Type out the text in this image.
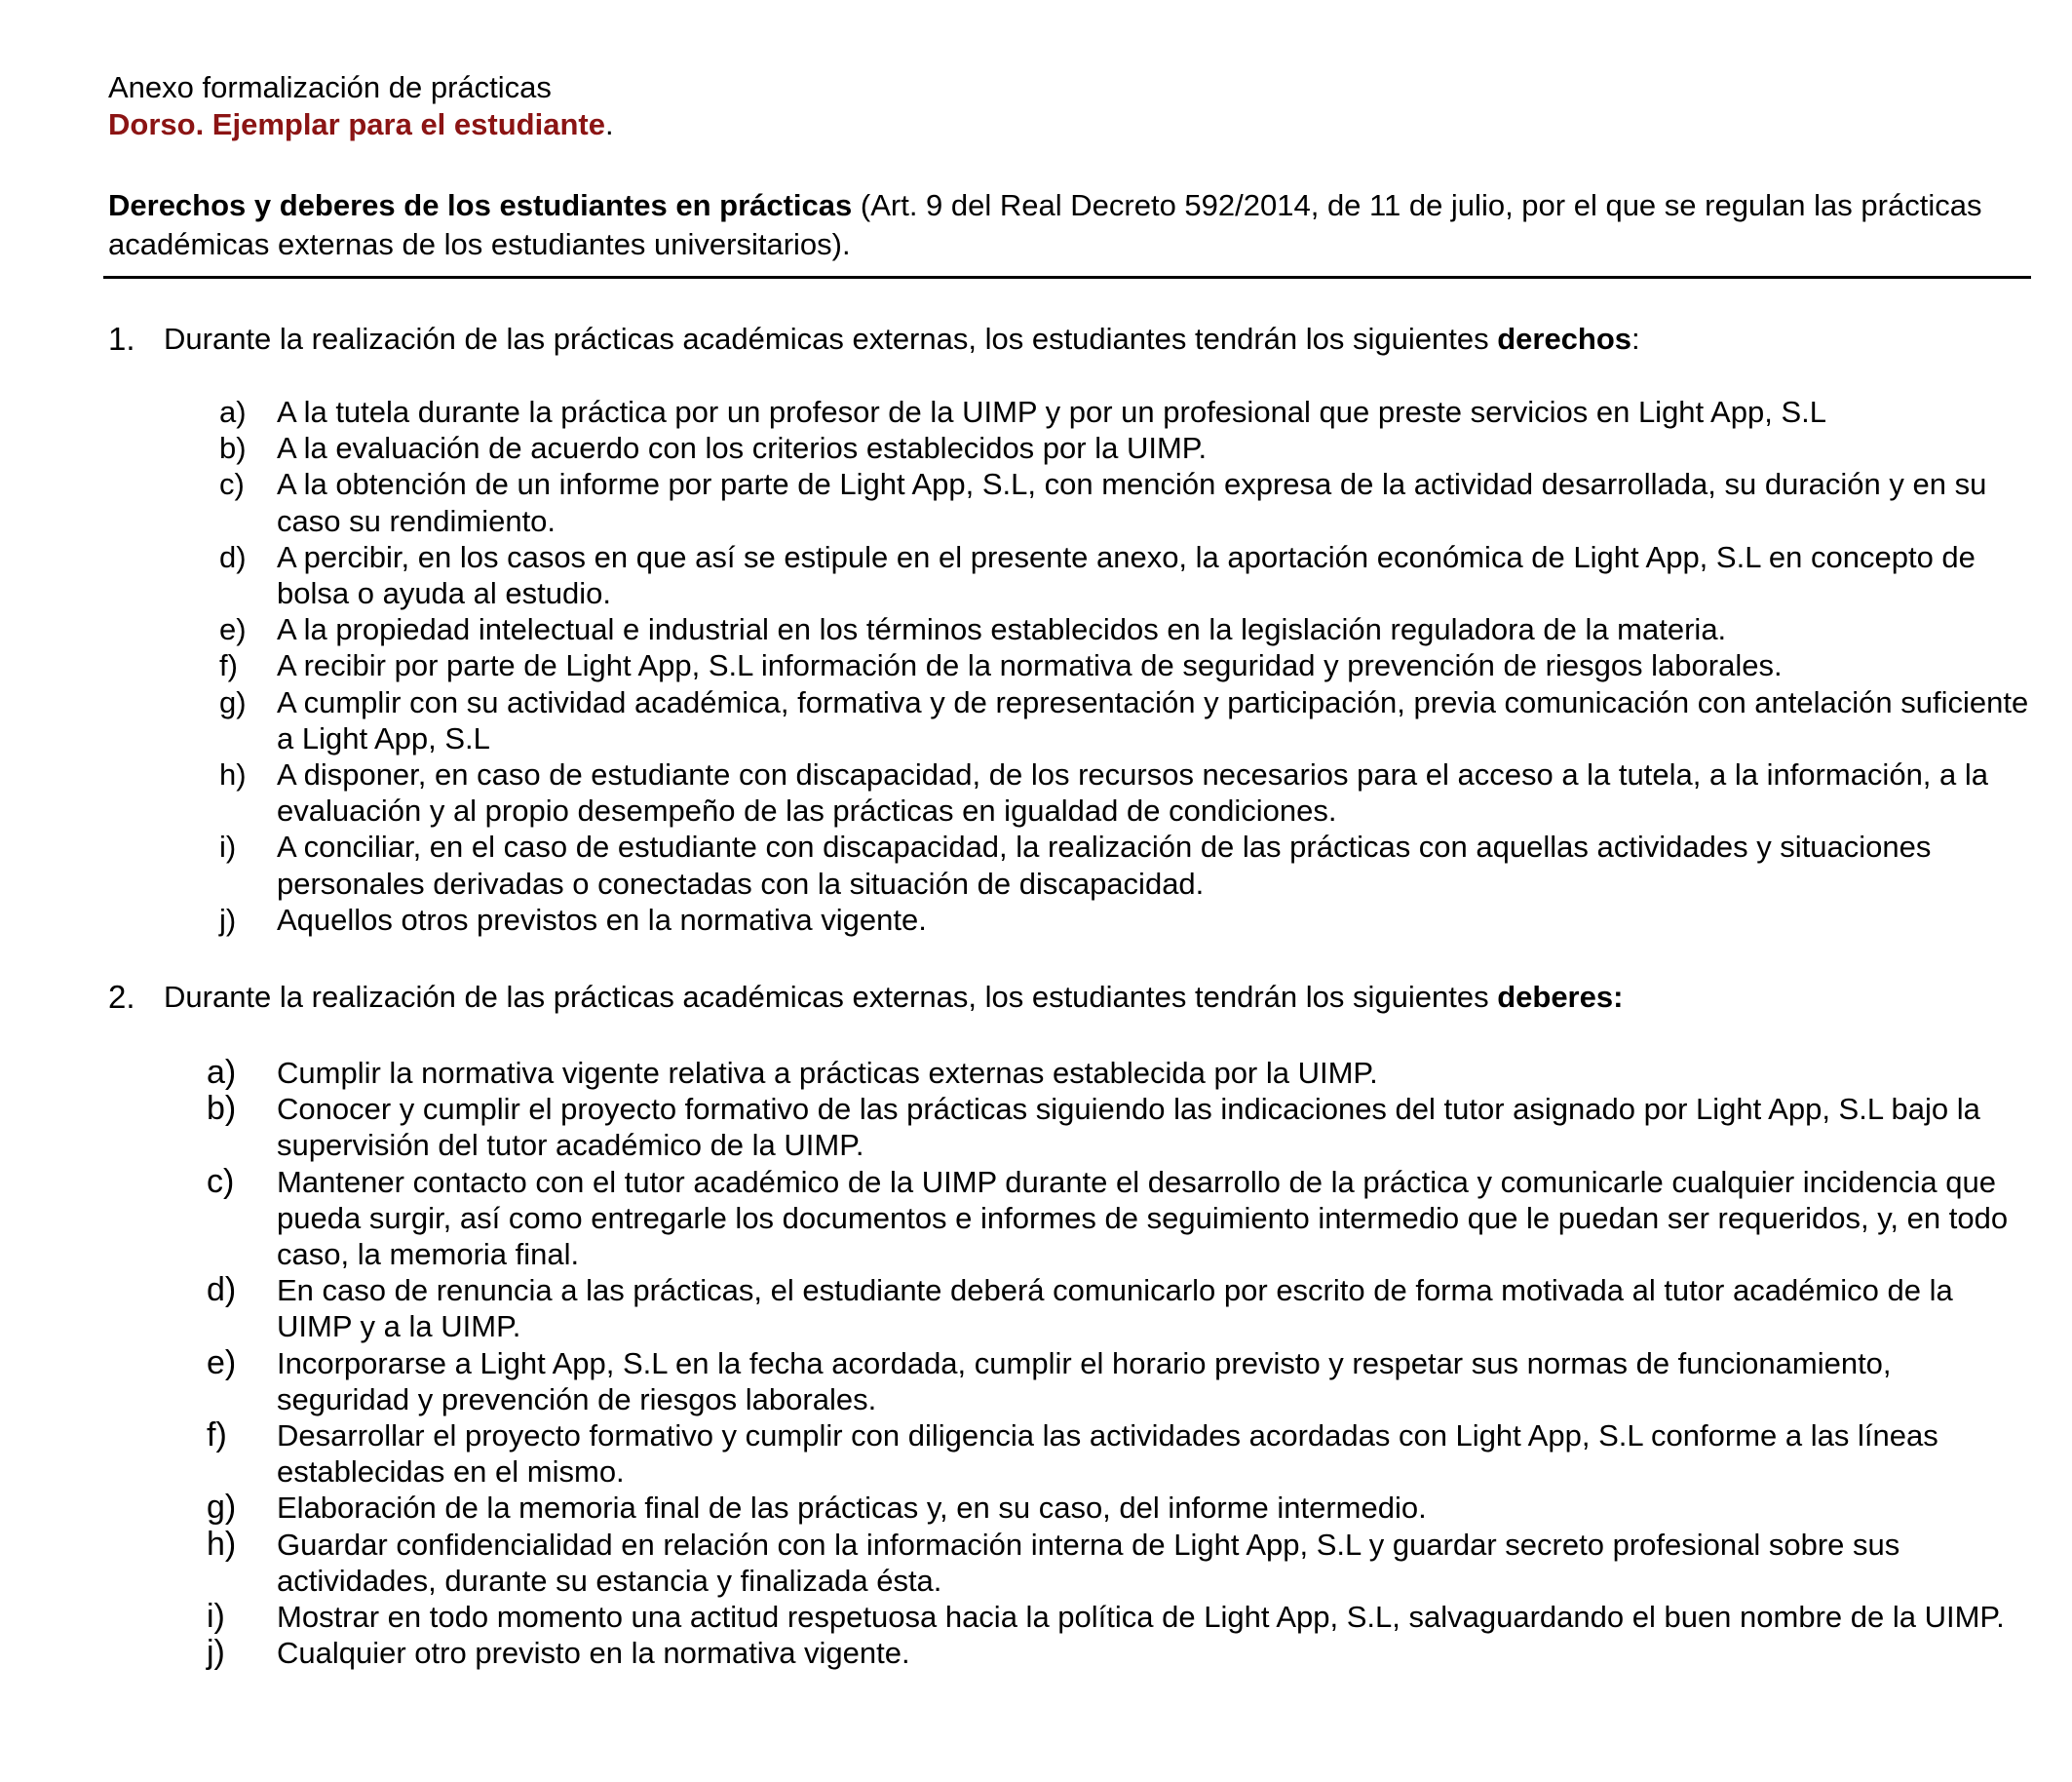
Anexo formalización de prácticas
Dorso. Ejemplar para el estudiante.
Derechos y deberes de los estudiantes en prácticas (Art. 9 del Real Decreto 592/2014, de 11 de julio, por el que se regulan las prácticas académicas externas de los estudiantes universitarios).
1. Durante la realización de las prácticas académicas externas, los estudiantes tendrán los siguientes derechos:
a) A la tutela durante la práctica por un profesor de la UIMP y por un profesional que preste servicios en Light App, S.L
b) A la evaluación de acuerdo con los criterios establecidos por la UIMP.
c) A la obtención de un informe por parte de Light App, S.L, con mención expresa de la actividad desarrollada, su duración y en su caso su rendimiento.
d) A percibir, en los casos en que así se estipule en el presente anexo, la aportación económica de Light App, S.L en concepto de bolsa o ayuda al estudio.
e) A la propiedad intelectual e industrial en los términos establecidos en la legislación reguladora de la materia.
f) A recibir por parte de Light App, S.L información de la normativa de seguridad y prevención de riesgos laborales.
g) A cumplir con su actividad académica, formativa y de representación y participación, previa comunicación con antelación suficiente a Light App, S.L
h) A disponer, en caso de estudiante con discapacidad, de los recursos necesarios para el acceso a la tutela, a la información, a la evaluación y al propio desempeño de las prácticas en igualdad de condiciones.
i) A conciliar, en el caso de estudiante con discapacidad, la realización de las prácticas con aquellas actividades y situaciones personales derivadas o conectadas con la situación de discapacidad.
j) Aquellos otros previstos en la normativa vigente.
2. Durante la realización de las prácticas académicas externas, los estudiantes tendrán los siguientes deberes:
a) Cumplir la normativa vigente relativa a prácticas externas establecida por la UIMP.
b) Conocer y cumplir el proyecto formativo de las prácticas siguiendo las indicaciones del tutor asignado por Light App, S.L bajo la supervisión del tutor académico de la UIMP.
c) Mantener contacto con el tutor académico de la UIMP durante el desarrollo de la práctica y comunicarle cualquier incidencia que pueda surgir, así como entregarle los documentos e informes de seguimiento intermedio que le puedan ser requeridos, y, en todo caso, la memoria final.
d) En caso de renuncia a las prácticas, el estudiante deberá comunicarlo por escrito de forma motivada al tutor académico de la UIMP y a la UIMP.
e) Incorporarse a Light App, S.L en la fecha acordada, cumplir el horario previsto y respetar sus normas de funcionamiento, seguridad y prevención de riesgos laborales.
f) Desarrollar el proyecto formativo y cumplir con diligencia las actividades acordadas con Light App, S.L conforme a las líneas establecidas en el mismo.
g) Elaboración de la memoria final de las prácticas y, en su caso, del informe intermedio.
h) Guardar confidencialidad en relación con la información interna de Light App, S.L y guardar secreto profesional sobre sus actividades, durante su estancia y finalizada ésta.
i) Mostrar en todo momento una actitud respetuosa hacia la política de Light App, S.L, salvaguardando el buen nombre de la UIMP.
j) Cualquier otro previsto en la normativa vigente.
